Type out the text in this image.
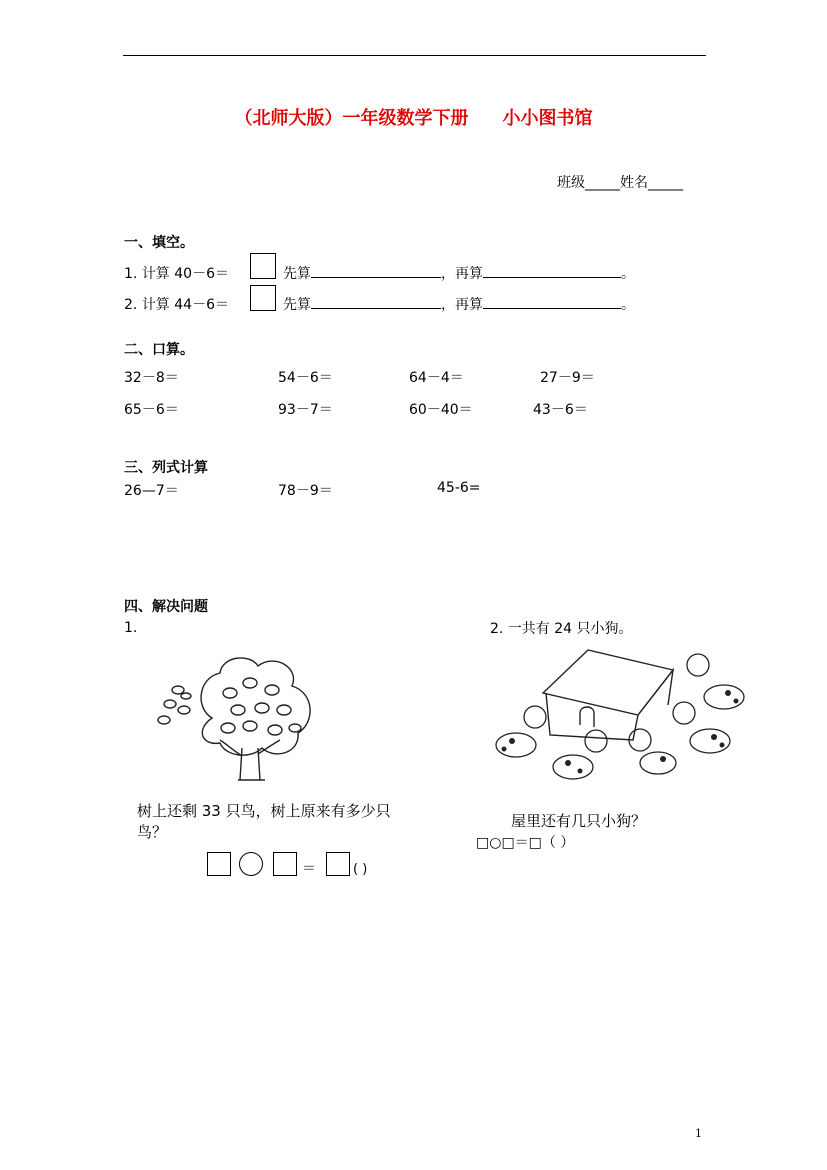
（北师大版）一年级数学下册 小小图书馆
班级_____姓名_____
一、填空。
1. 计算 40－6＝	先算	，再算	。
2. 计算 44－6＝	先算	，再算	。
二、口算。
32－8＝	54－6＝	64－4＝	27－9＝
65－6＝	93－7＝	60－40＝	43－6＝
三、列式计算
26—7＝	78－9＝	45-6=
四、解决问题
1.	2. 一共有 24 只小狗。
树上还剩 33 只鸟，树上原来有多少只
鸟？
＝	( )
屋里还有几只小狗？
□○□＝□（ ）
1
